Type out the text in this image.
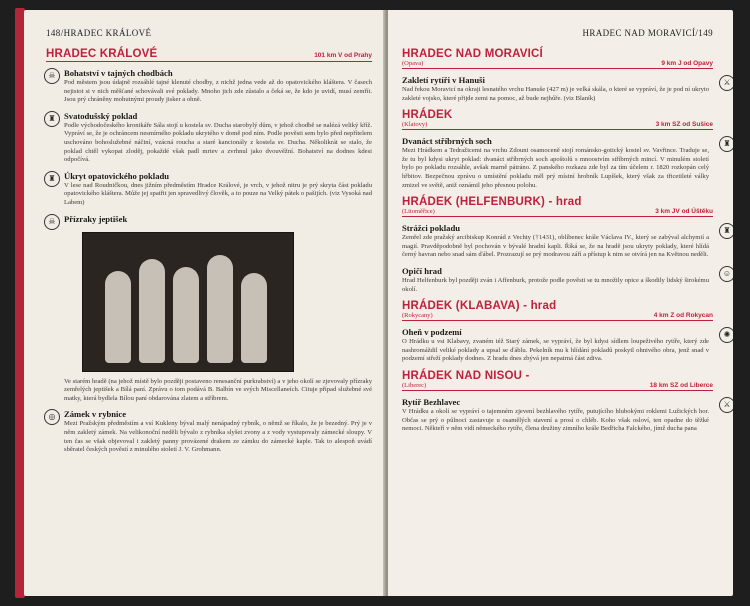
148/HRADEC KRÁLOVÉ
HRADEC KRÁLOVÉ	101 km V od Prahy
☠ Bohatství v tajných chodbách
Pod městem jsou údajně rozsáhlé tajné klenuté chodby, z nichž jedna vede až do opatovického kláštera. V časech nejistot si v nich měšťané schovávali své poklady. Mnoho jich zde zůstalo a čeká se, že kdo je uvidí, musí zemřít. Jsou prý chráněny mohutnými proudy jisker a ohně.
♜ Svatodušský poklad
Podle východočeského kronikáře Sála stojí u kostela sv. Ducha starobylý dům, v jehož chodbě se nalézá veliký kříž. Vypráví se, že je ochráncem nesmírného pokladu ukrytého v domě pod ním. Podle pověsti sem bylo před nepřítelem uschováno bohoslužebné náčiní, vzácná roucha a staré kancionály z kostela sv. Ducha. Několikrát se stalo, že poklad chtěl vykopat zloděj, pokaždé však padl mrtev a zvrhnul jako dvouvěžní. Bohatství na dodnes kdesi odpočívá.
♜ Úkryt opatovického pokladu
V lese nad Roudničkou, dnes jižním předměstím Hradce Králové, je vrch, v jehož nitru je prý skryta část pokladu opatovického kláštera. Může jej spatřit jen spravedlivý člověk, a to pouze na Velký pátek o pašijích. (viz Vysoká nad Labem)
☠ Přízraky jeptišek
Ve starém hradě (na jehož místě bylo později postaveno renesanční purkrabství) a v jeho okolí se zjevovaly přízraky zemřelých jeptišek a Bílá paní. Zprávu o tom podává B. Balbín ve svých Miscellaneích. Cituje případ služebné své matky, která bydlela Bílou paní obdarována zlatem a stříbrem.
◎ Zámek v rybnice
Mezi Pražským předměstím a vsí Kukleny býval malý nenápadný rybník, o němž se říkalo, že je bezedný. Prý je v něm zakletý zámek. Na velikonoční neděli bývalo z rybníka slyšet zvony a z vody vystupovaly zámecké sloupy. V ten čas se však objevoval i zakletý panny provázené drakem ze zámku do zámecké kaple. Tak to alespoň uvádí sběratel českých pověstí z minulého století J. V. Grohmann.
HRADEC NAD MORAVICÍ/149
HRADEC NAD MORAVICÍ
(Opava)	9 km J od Opavy
⚔
Zakletí rytíři v Hanuši
Nad řekou Moravicí na okraji lesnatého vrchu Hanuše (427 m) je velká skála, o které se vypráví, že je pod ní ukryto zakleté vojsko, které přijde zemi na pomoc, až bude nejhůře. (viz Blaník)
HRÁDEK
(Klatovy)	3 km SZ od Sušice
♜
Dvanáct stříbrných soch
Mezi Hrádkem a Tedražicemi na vrchu Zdouni osamoceně stojí románsko-gotický kostel sv. Vavřince. Traduje se, že tu byl kdysi ukryt poklad: dvanáct stříbrných soch apoštolů s mnoostvím stříbrných mincí. V minulém století bylo po pokladu rozsáhle, avšak marně pátráno. Z panského rozkazu zde byl za tím účelem r. 1820 rozkopán celý hřbitov. Bezpečnou zprávu o umístění pokladu měl prý místní hrobník Lupíšek, který však za třicetileté války zmizel ve světě, aniž oznámil jeho přesnou polohu.
HRÁDEK (HELFENBURK) - hrad
(Litoměřice)	3 km JV od Úštěku
♜
Strážci pokladu
Zemřel zde pražský arcibiskup Konrád z Vechty (†1431), oblíbenec krále Václava IV., který se zabýval alchymií a magií. Pravděpodobně byl pochován v bývalé hradní kapli. Říká se, že na hradě jsou ukryty poklady, které hlídá černý havran nebo snad sám ďábel. Prozrazují se prý modravou září a přístup k nim se otvírá jen na Květnou neděli.
☺
Opičí hrad
Hrad Helfenburk byl později zván i Affenburk, protože podle pověsti se tu množily opice a škodily lidský širokému okolí.
HRÁDEK (KLABAVA) - hrad
(Rokycany)	4 km Z od Rokycan
✺
Oheň v podzemí
O Hrádku u vsi Klabavy, zvaném též Starý zámek, se vypráví, že byl kdysi sídlem loupeživého rytíře, který zde nashromáždil veliké poklady a upsal se ďáblu. Pekelník mu k hlídání pokladů poskytl ohnivého obra, jenž snad v podzemí střeží poklady dodnes. Z hradu dnes zbývá jen nepatrná část zdiva.
HRÁDEK NAD NISOU -
(Liberec)	18 km SZ od Liberce
⚔
Rytíř Bezhlavec
V Hrádku a okolí se vypráví o tajemném zjevení bezhlavého rytíře, putujícího hlubokými roklemi Lužických hor. Občas se prý o půlnoci zastavuje u osamělých stavení a prosí o chléb. Koho však osloví, ten opadne do těžké nemoci. Někteří v něm vidí německého rytíře, člena družiny zimního krále Bedřicha Falckého, jímž ducha pana
